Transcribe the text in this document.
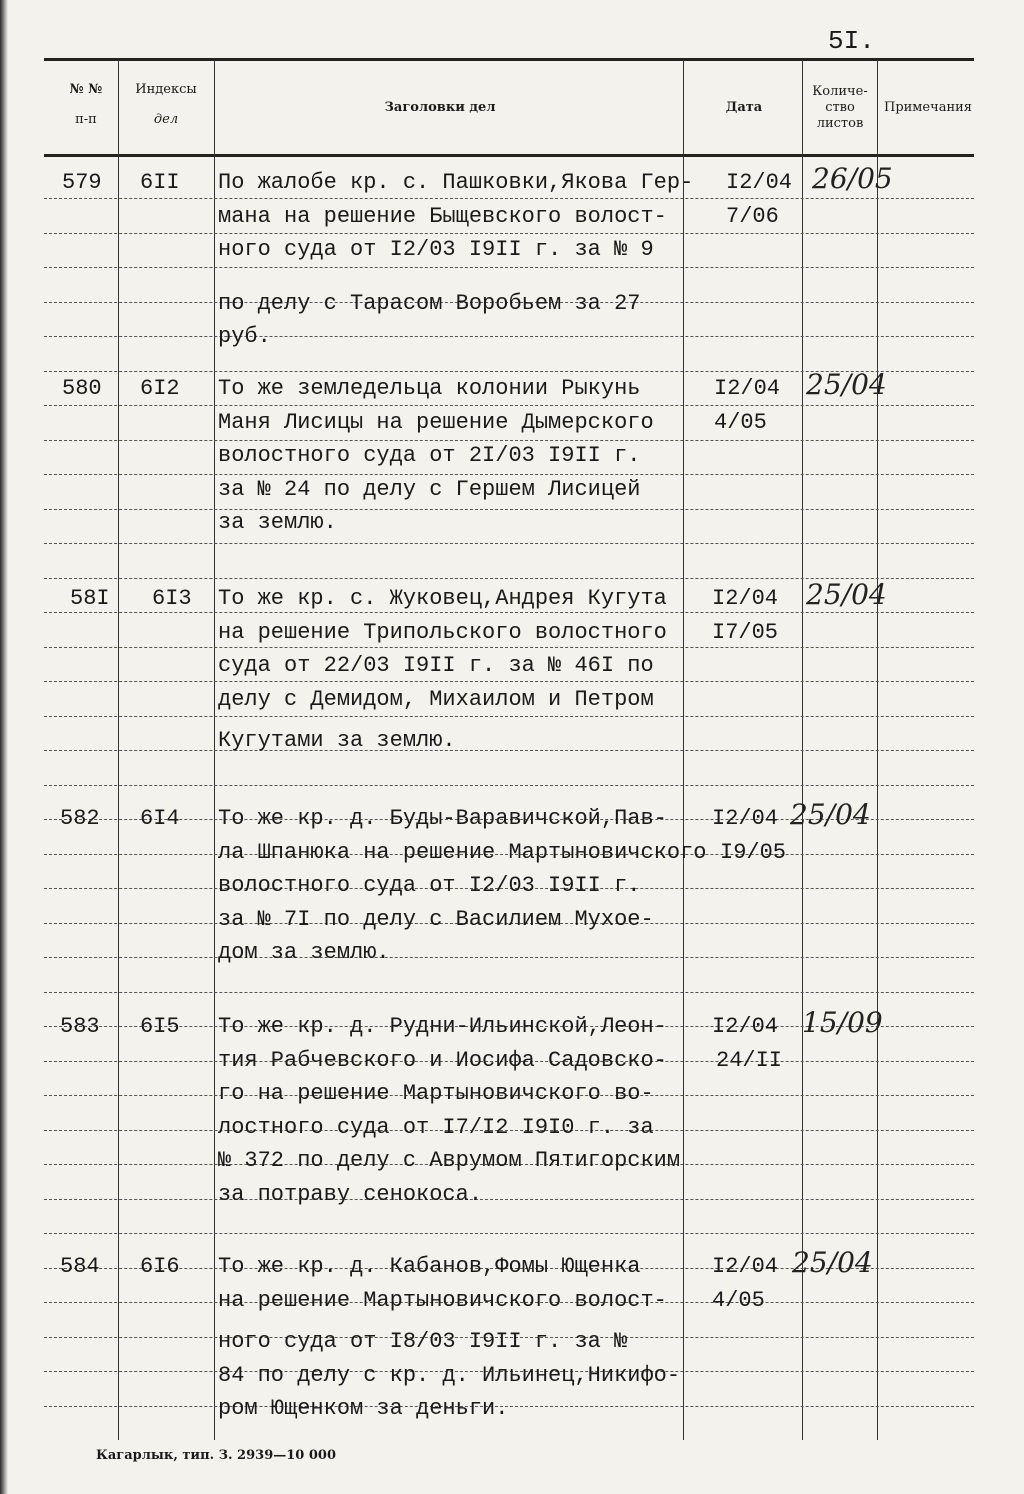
5I.
№ №
п-п
Индексы
дел
Заголовки дел	Дата
Количе-
ство
листов
Примечания
579 6II По жалобе кр. с. Пашковки,Якова Гер-
мана на решение Быщевского волост-
ного суда от I2/03 I9II г. за № 9
по делу с Тарасом Воробьем за 27
руб.
I2/04
7/06
26/05
580 6I2 То же земледельца колонии Рыкунь
Маня Лисицы на решение Дымерского
волостного суда от 2I/03 I9II г.
за № 24 по делу с Гершем Лисицей
за землю.
I2/04
4/05
25/04
58I 6I3 То же кр. с. Жуковец,Андрея Кугута
на решение Трипольского волостного
суда от 22/03 I9II г. за № 46I по
делу с Демидом, Михаилом и Петром
Кугутами за землю.
I2/04
I7/05
25/04
582 6I4 То же кр. д. Буды-Варавичской,Пав-
ла Шпанюка на решение Мартыновичского
волостного суда от I2/03 I9II г.
за № 7I по делу с Василием Мухое-
дом за землю.
I2/04
I9/05
25/04
583 6I5 То же кр. д. Рудни-Ильинской,Леон-
тия Рабчевского и Иосифа Садовско-
го на решение Мартыновичского во-
лостного суда от I7/I2 I9I0 г. за
№ 372 по делу с Аврумом Пятигорским
за потраву сенокоса.
I2/04
24/II
15/09
584 6I6 То же кр. д. Кабанов,Фомы Ющенка
на решение Мартыновичского волост-
ного суда от I8/03 I9II г. за №
84 по делу с кр. д. Ильинец,Никифо-
ром Ющенком за деньги.
I2/04
4/05
25/04
Кагарлык, тип. З. 2939—10 000
